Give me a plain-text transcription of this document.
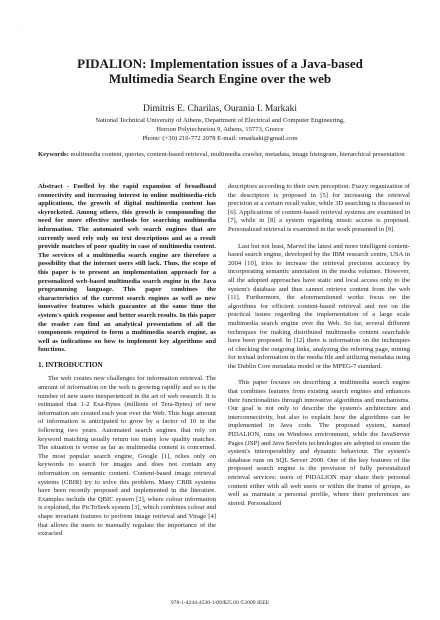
·
PIDALION: Implementation issues of a Java-based
Multimedia Search Engine over the web
Dimitris E. Charilas, Ourania I. Markaki
National Technical University of Athens, Department of Electrical and Computer Engineering,
Heroon Polytechneiou 9, Athens, 15773, Greece
Phone: (+30) 210-772 2078 E-mail: omarkaki@gmail.com
Keywords: multimedia content, queries, content-based retrieval, multimedia crawler, metadata, image histogram, hierarchical presentation

Abstract - Fuelled by the rapid expansion of broadband connectivity and increasing interest in online multimedia-rich applications, the growth of digital multimedia content has skyrocketed. Among others, this growth is compounding the need for more effective methods for searching multimedia information. The automated web search engines that are currently used rely only on text descriptions and as a result provide matches of poor quality in case of multimedia content. The services of a multimedia search engine are therefore a possibility that the internet users still lack. Thus, the scope of this paper is to present an implementation approach for a personalized web-based multimedia search engine in the Java programming language. This paper combines the characteristics of the current search engines as well as new innovative features which guarantee at the same time the system's quick response and better search results. In this paper the reader can find an analytical presentation of all the components required to form a multimedia search engine, as well as indications on how to implement key algorithms and functions.

1. INTRODUCTION

The web creates new challenges for information retrieval. The amount of information on the web is growing rapidly and so is the number of new users inexperienced in the art of web research. It is estimated that 1-2 Exa-Bytes (millions of Tera-Bytes) of new information are created each year over the Web. This huge amount of information is anticipated to grow by a factor of 10 in the following two years. Automated search engines that rely on keyword matching usually return too many low quality matches. The situation is worse as far as multimedia content is concerned. The most popular search engine, Google [1], relies only on keywords to search for images and does not contain any information on semantic content. Content-based image retrieval systems (CBIR) try to solve this problem. Many CBIR systems have been recently proposed and implemented in the literature. Examples include the QBIC system [2], where colour information is exploited, the PicToSeek system [3], which combines colour and shape invariant features to perform image retrieval and Virage [4] that allows the users to manually regulate the importance of the extracted

descriptors according to their own perception. Fuzzy organization of the descriptors is proposed in [5] for increasing the retrieval precision at a certain recall value, while 3D searching is discussed in [6]. Applications of content-based retrieval systems are examined in [7], while in [8] a system regarding music access is proposed. Personalized retrieval is examined in the work presented in [9].

Last but not least, Marvel the latest and more intelligent content-based search engine, developed by the IBM research centre, USA in 2004 [10], tries to increase the retrieval precision accuracy by incorporating semantic annotation in the media volumes. However, all the adopted approaches have static and local access only to the system's database and thus cannot retrieve content from the web [11]. Furthermore, the aforementioned works focus on the algorithms for efficient content-based retrieval and not on the practical issues regarding the implementation of a large scale multimedia search engine over the Web. So far, several different techniques for making distributed multimedia content searchable have been proposed. In [12] there is information on the techniques of checking the outgoing links, analyzing the referring page, mining for textual information in the media file and utilizing metadata using the Dublin Core metadata model or the MPEG-7 standard.

This paper focuses on describing a multimedia search engine that combines features from existing search engines and enhances their functionalities through innovative algorithms and mechanisms. Our goal is not only to describe the system's architecture and interconnectivity, but also to explain how the algorithms can be implemented in Java code. The proposed system, named PIDALION, runs on Windows environment, while the JavaServer Pages (JSP) and Java Servlets technologies are adopted to ensure the system's interoperability and dynamic behaviour. The system's database runs on SQL Server 2000. One of the key features of the proposed search engine is the provision of fully personalized retrieval services: users of PIDALION may share their personal content either with all web users or within the frame of groups, as well as maintain a personal profile, where their preferences are stored. Personalized

978-1-4244-4530-1/09/$25.00 ©2009 IEEE
